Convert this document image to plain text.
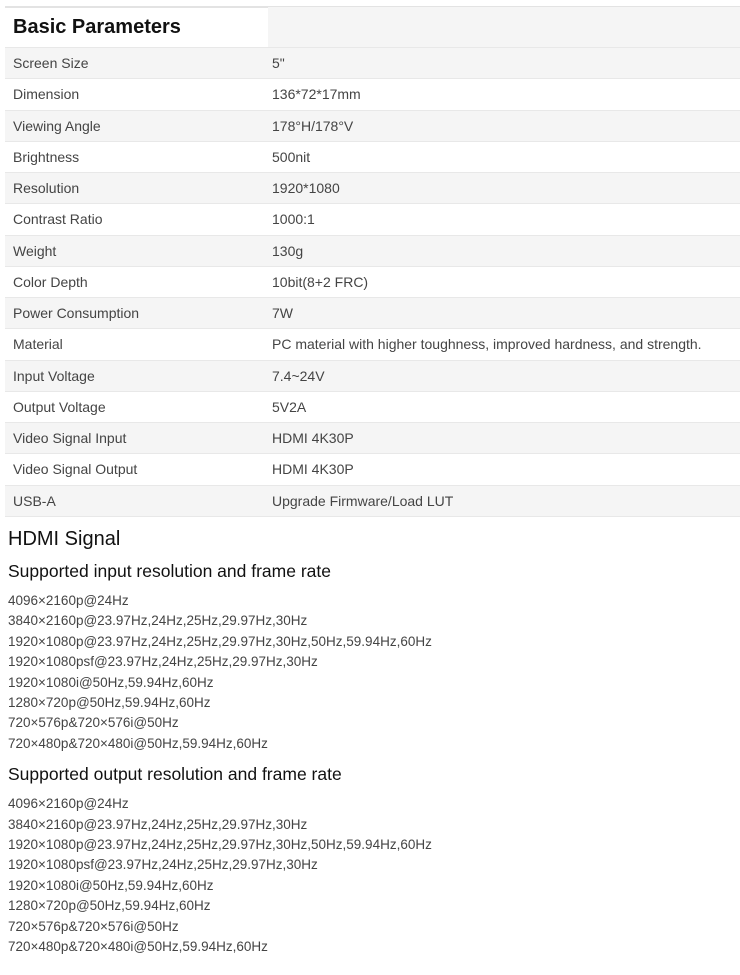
Basic Parameters
Screen Size	5"
Dimension	136*72*17mm
Viewing Angle	178°H/178°V
Brightness	500nit
Resolution	1920*1080
Contrast Ratio	1000:1
Weight	130g
Color Depth	10bit(8+2 FRC)
Power Consumption	7W
Material	PC material with higher toughness, improved hardness, and strength.
Input Voltage	7.4~24V
Output Voltage	5V2A
Video Signal Input	HDMI 4K30P
Video Signal Output	HDMI 4K30P
USB-A	Upgrade Firmware/Load LUT
HDMI Signal
Supported input resolution and frame rate
4096×2160p@24Hz
3840×2160p@23.97Hz,24Hz,25Hz,29.97Hz,30Hz
1920×1080p@23.97Hz,24Hz,25Hz,29.97Hz,30Hz,50Hz,59.94Hz,60Hz
1920×1080psf@23.97Hz,24Hz,25Hz,29.97Hz,30Hz
1920×1080i@50Hz,59.94Hz,60Hz
1280×720p@50Hz,59.94Hz,60Hz
720×576p&720×576i@50Hz
720×480p&720×480i@50Hz,59.94Hz,60Hz
Supported output resolution and frame rate
4096×2160p@24Hz
3840×2160p@23.97Hz,24Hz,25Hz,29.97Hz,30Hz
1920×1080p@23.97Hz,24Hz,25Hz,29.97Hz,30Hz,50Hz,59.94Hz,60Hz
1920×1080psf@23.97Hz,24Hz,25Hz,29.97Hz,30Hz
1920×1080i@50Hz,59.94Hz,60Hz
1280×720p@50Hz,59.94Hz,60Hz
720×576p&720×576i@50Hz
720×480p&720×480i@50Hz,59.94Hz,60Hz
